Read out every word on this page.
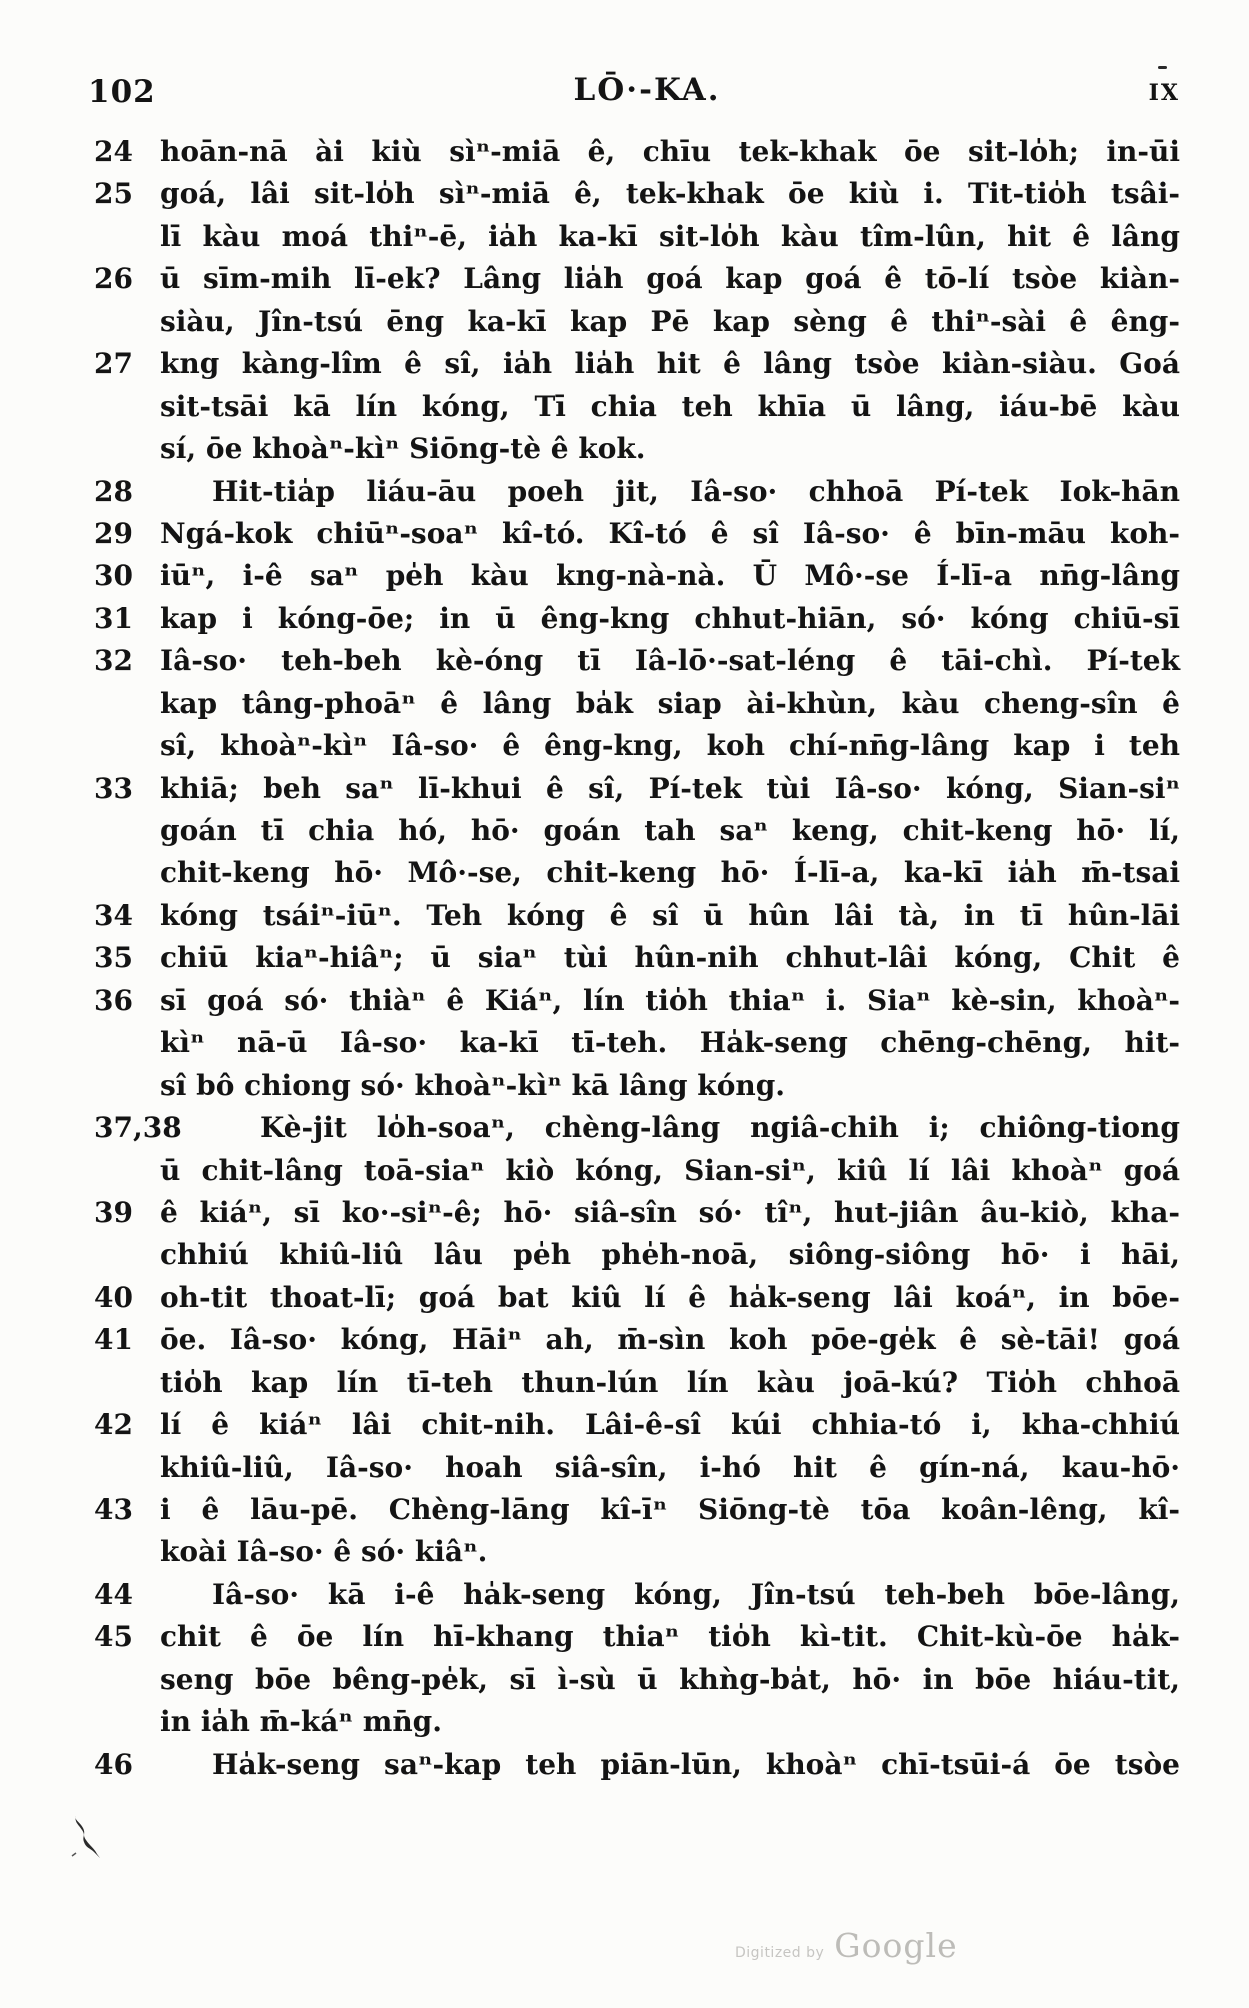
102	LŌ·-KA.	IX
24 hoān-nā ài kiù sìⁿ-miā ê, chīu tek-khak ōe sit-lo̍h; in-ūi
25 goá, lâi sit-lo̍h sìⁿ-miā ê, tek-khak ōe kiù i. Tit-tio̍h tsâi-
lī kàu moá thiⁿ-ē, ia̍h ka-kī sit-lo̍h kàu tîm-lûn, hit ê lâng
26 ū sīm-mih lī-ek? Lâng lia̍h goá kap goá ê tō-lí tsòe kiàn-
siàu, Jîn-tsú ēng ka-kī kap Pē kap sèng ê thiⁿ-sài ê êng-
27 kng kàng-lîm ê sî, ia̍h lia̍h hit ê lâng tsòe kiàn-siàu. Goá
sit-tsāi kā lín kóng, Tī chia teh khīa ū lâng, iáu-bē kàu
sí, ōe khoàⁿ-kìⁿ Siōng-tè ê kok.
28	Hit-tia̍p liáu-āu poeh jit, Iâ-so· chhoā Pí-tek Iok-hān
29 Ngá-kok chiūⁿ-soaⁿ kî-tó. Kî-tó ê sî Iâ-so· ê bīn-māu koh-
30 iūⁿ, i-ê saⁿ pe̍h kàu kng-nà-nà. Ū Mô·-se Í-lī-a nn̄g-lâng
31 kap i kóng-ōe; in ū êng-kng chhut-hiān, só· kóng chiū-sī
32 Iâ-so· teh-beh kè-óng tī Iâ-lō·-sat-léng ê tāi-chì. Pí-tek
kap tâng-phoāⁿ ê lâng ba̍k siap ài-khùn, kàu cheng-sîn ê
sî, khoàⁿ-kìⁿ Iâ-so· ê êng-kng, koh chí-nn̄g-lâng kap i teh
33 khiā; beh saⁿ lī-khui ê sî, Pí-tek tùi Iâ-so· kóng, Sian-siⁿ
goán tī chia hó, hō· goán tah saⁿ keng, chit-keng hō· lí,
chit-keng hō· Mô·-se, chit-keng hō· Í-lī-a, ka-kī ia̍h m̄-tsai
34 kóng tsáiⁿ-iūⁿ. Teh kóng ê sî ū hûn lâi tà, in tī hûn-lāi
35 chiū kiaⁿ-hiâⁿ; ū siaⁿ tùi hûn-nih chhut-lâi kóng, Chit ê
36 sī goá só· thiàⁿ ê Kiáⁿ, lín tio̍h thiaⁿ i. Siaⁿ kè-sin, khoàⁿ-
kìⁿ nā-ū Iâ-so· ka-kī tī-teh. Ha̍k-seng chēng-chēng, hit-
sî bô chiong só· khoàⁿ-kìⁿ kā lâng kóng.
37,38	Kè-jit lo̍h-soaⁿ, chèng-lâng ngiâ-chih i; chiông-tiong
ū chit-lâng toā-siaⁿ kiò kóng, Sian-siⁿ, kiû lí lâi khoàⁿ goá
39 ê kiáⁿ, sī ko·-siⁿ-ê; hō· siâ-sîn só· tîⁿ, hut-jiân âu-kiò, kha-
chhiú khiû-liû lâu pe̍h phe̍h-noā, siông-siông hō· i hāi,
40 oh-tit thoat-lī; goá bat kiû lí ê ha̍k-seng lâi koáⁿ, in bōe-
41 ōe. Iâ-so· kóng, Hāiⁿ ah, m̄-sìn koh pōe-ge̍k ê sè-tāi! goá
tio̍h kap lín tī-teh thun-lún lín kàu joā-kú? Tio̍h chhoā
42 lí ê kiáⁿ lâi chit-nih. Lâi-ê-sî kúi chhia-tó i, kha-chhiú
khiû-liû, Iâ-so· hoah siâ-sîn, i-hó hit ê gín-ná, kau-hō·
43 i ê lāu-pē. Chèng-lāng kî-īⁿ Siōng-tè tōa koân-lêng, kî-
koài Iâ-so· ê só· kiâⁿ.
44	Iâ-so· kā i-ê ha̍k-seng kóng, Jîn-tsú teh-beh bōe-lâng,
45 chit ê ōe lín hī-khang thiaⁿ tio̍h kì-tit. Chit-kù-ōe ha̍k-
seng bōe bêng-pe̍k, sī ì-sù ū khǹg-ba̍t, hō· in bōe hiáu-tit,
in ia̍h m̄-káⁿ mn̄g.
46	Ha̍k-seng saⁿ-kap teh piān-lūn, khoàⁿ chī-tsūi-á ōe tsòe
Digitized by Google
